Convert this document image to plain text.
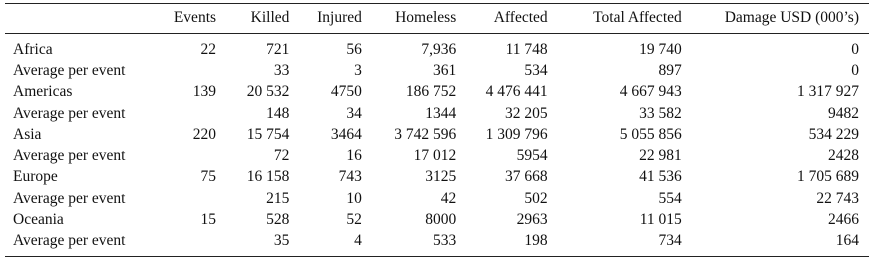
	Events	Killed	Injured	Homeless	Affected	Total Affected	Damage USD (000’s)
Africa	22	721	56	7,936	11 748	19 740	0
Average per event		33	3	361	534	897	0
Americas	139	20 532	4750	186 752	4 476 441	4 667 943	1 317 927
Average per event		148	34	1344	32 205	33 582	9482
Asia	220	15 754	3464	3 742 596	1 309 796	5 055 856	534 229
Average per event		72	16	17 012	5954	22 981	2428
Europe	75	16 158	743	3125	37 668	41 536	1 705 689
Average per event		215	10	42	502	554	22 743
Oceania	15	528	52	8000	2963	11 015	2466
Average per event		35	4	533	198	734	164
